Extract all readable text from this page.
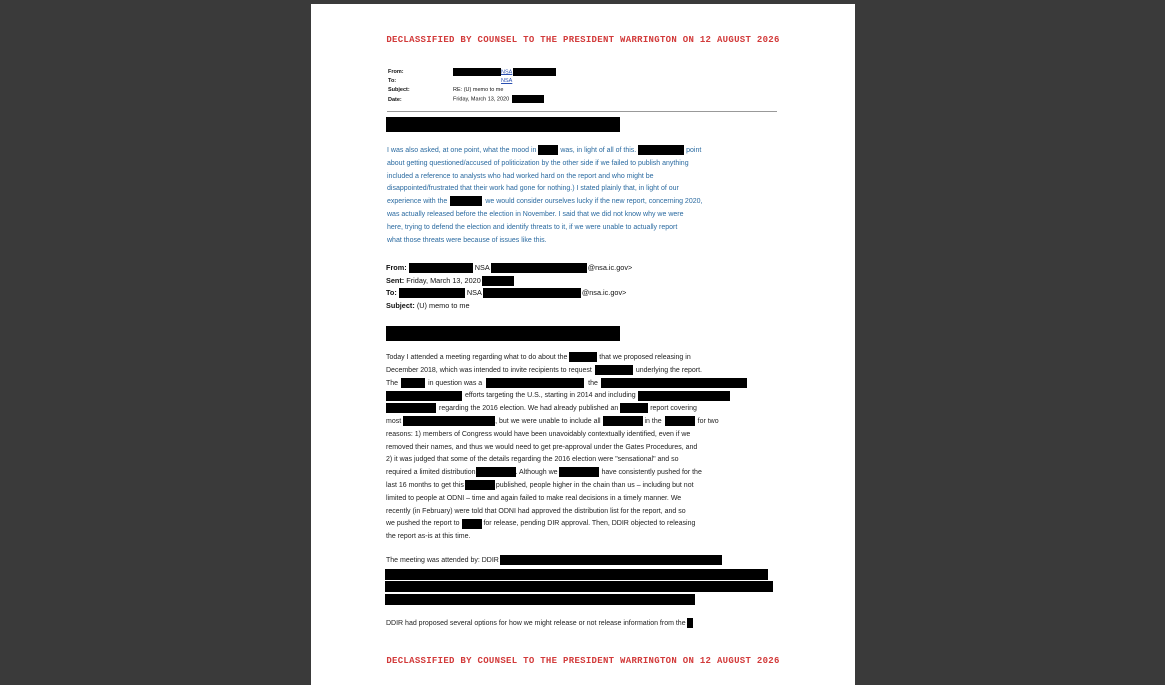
DECLASSIFIED BY COUNSEL TO THE PRESIDENT WARRINGTON ON 12 AUGUST 2026
From:	NSA
To:	NSA
Subject:	RE: (U) memo to me
Date:	Friday, March 13, 2020
I was also asked, at one point, what the mood in	was, in light of all of this.	point
about getting questioned/accused of politicization by the other side if we failed to publish anything
included a reference to analysts who had worked hard on the report and who might be
disappointed/frustrated that their work had gone for nothing.) I stated plainly that, in light of our
experience with the	we would consider ourselves lucky if the new report, concerning 2020,
was actually released before the election in November. I said that we did not know why we were
here, trying to defend the election and identify threats to it, if we were unable to actually report
what those threats were because of issues like this.
From:	NSA	@nsa.ic.gov>
Sent: Friday, March 13, 2020
To:	NSA	@nsa.ic.gov>
Subject: (U) memo to me
Today I attended a meeting regarding what to do about the	that we proposed releasing in
December 2018, which was intended to invite recipients to request	underlying the report.
The	in question was a	the
efforts targeting the U.S., starting in 2014 and including
regarding the 2016 election. We had already published an	report covering
most	, but we were unable to include all	in the	for two
reasons: 1) members of Congress would have been unavoidably contextually identified, even if we
removed their names, and thus we would need to get pre-approval under the Gates Procedures, and
2) it was judged that some of the details regarding the 2016 election were "sensational" and so
required a limited distribution	. Although we	have consistently pushed for the
last 16 months to get this	published, people higher in the chain than us – including but not
limited to people at ODNI – time and again failed to make real decisions in a timely manner. We
recently (in February) were told that ODNI had approved the distribution list for the report, and so
we pushed the report to	for release, pending DIR approval. Then, DDIR objected to releasing
the report as-is at this time.
The meeting was attended by: DDIR
DDIR had proposed several options for how we might release or not release information from the
DECLASSIFIED BY COUNSEL TO THE PRESIDENT WARRINGTON ON 12 AUGUST 2026
